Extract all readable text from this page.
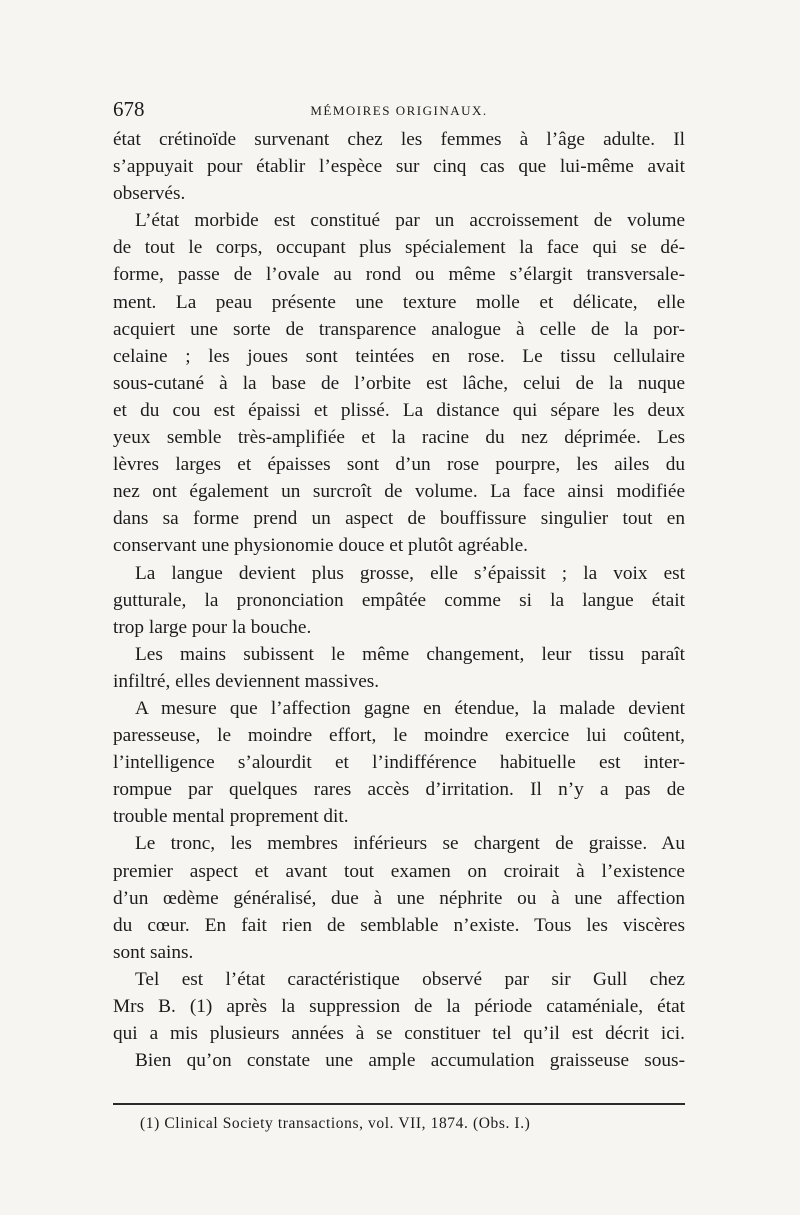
678	MÉMOIRES ORIGINAUX.
état crétinoïde survenant chez les femmes à l’âge adulte. Il
s’appuyait pour établir l’espèce sur cinq cas que lui-même avait
observés.
L’état morbide est constitué par un accroissement de volume
de tout le corps, occupant plus spécialement la face qui se dé-
forme, passe de l’ovale au rond ou même s’élargit transversale-
ment. La peau présente une texture molle et délicate, elle
acquiert une sorte de transparence analogue à celle de la por-
celaine ; les joues sont teintées en rose. Le tissu cellulaire
sous-cutané à la base de l’orbite est lâche, celui de la nuque
et du cou est épaissi et plissé. La distance qui sépare les deux
yeux semble très-amplifiée et la racine du nez déprimée. Les
lèvres larges et épaisses sont d’un rose pourpre, les ailes du
nez ont également un surcroît de volume. La face ainsi modifiée
dans sa forme prend un aspect de bouffissure singulier tout en
conservant une physionomie douce et plutôt agréable.
La langue devient plus grosse, elle s’épaissit ; la voix est
gutturale, la prononciation empâtée comme si la langue était
trop large pour la bouche.
Les mains subissent le même changement, leur tissu paraît
infiltré, elles deviennent massives.
A mesure que l’affection gagne en étendue, la malade devient
paresseuse, le moindre effort, le moindre exercice lui coûtent,
l’intelligence s’alourdit et l’indifférence habituelle est inter-
rompue par quelques rares accès d’irritation. Il n’y a pas de
trouble mental proprement dit.
Le tronc, les membres inférieurs se chargent de graisse. Au
premier aspect et avant tout examen on croirait à l’existence
d’un œdème généralisé, due à une néphrite ou à une affection
du cœur. En fait rien de semblable n’existe. Tous les viscères
sont sains.
Tel est l’état caractéristique observé par sir Gull chez
Mrs B. (1) après la suppression de la période cataméniale, état
qui a mis plusieurs années à se constituer tel qu’il est décrit ici.
Bien qu’on constate une ample accumulation graisseuse sous-
(1) Clinical Society transactions, vol. VII, 1874. (Obs. I.)
